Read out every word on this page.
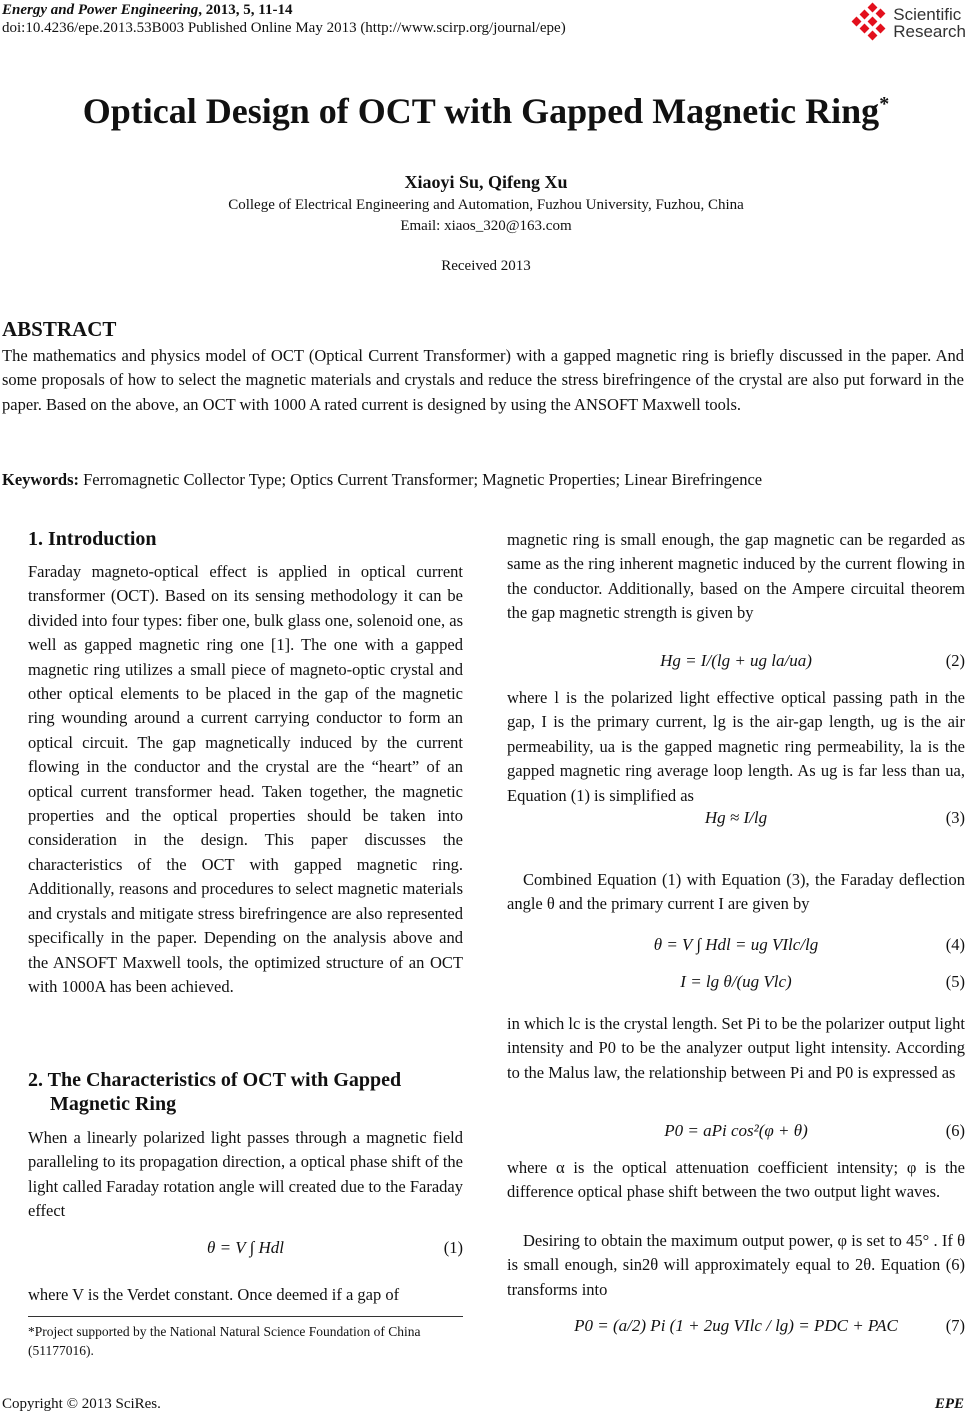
Energy and Power Engineering, 2013, 5, 11-14
doi:10.4236/epe.2013.53B003 Published Online May 2013 (http://www.scirp.org/journal/epe)
Scientific
Research
Optical Design of OCT with Gapped Magnetic Ring*
Xiaoyi Su, Qifeng Xu
College of Electrical Engineering and Automation, Fuzhou University, Fuzhou, China
Email: xiaos_320@163.com
Received 2013
ABSTRACT
The mathematics and physics model of OCT (Optical Current Transformer) with a gapped magnetic ring is briefly discussed in the paper. And some proposals of how to select the magnetic materials and crystals and reduce the stress birefringence of the crystal are also put forward in the paper. Based on the above, an OCT with 1000 A rated current is designed by using the ANSOFT Maxwell tools.
Keywords: Ferromagnetic Collector Type; Optics Current Transformer; Magnetic Properties; Linear Birefringence
1. Introduction
Faraday magneto-optical effect is applied in optical current transformer (OCT). Based on its sensing methodology it can be divided into four types: fiber one, bulk glass one, solenoid one, as well as gapped magnetic ring one [1]. The one with a gapped magnetic ring utilizes a small piece of magneto-optic crystal and other optical elements to be placed in the gap of the magnetic ring wounding around a current carrying conductor to form an optical circuit. The gap magnetically induced by the current flowing in the conductor and the crystal are the “heart” of an optical current transformer head. Taken together, the magnetic properties and the optical properties should be taken into consideration in the design. This paper discusses the characteristics of the OCT with gapped magnetic ring. Additionally, reasons and procedures to select magnetic materials and crystals and mitigate stress birefringence are also represented specifically in the paper. Depending on the analysis above and the ANSOFT Maxwell tools, the optimized structure of an OCT with 1000A has been achieved.
2. The Characteristics of OCT with Gapped Magnetic Ring
When a linearly polarized light passes through a magnetic field paralleling to its propagation direction, a optical phase shift of the light called Faraday rotation angle will created due to the Faraday effect
θ = V ∫ Hdl	(1)
where V is the Verdet constant. Once deemed if a gap of
*Project supported by the National Natural Science Foundation of China (51177016).
magnetic ring is small enough, the gap magnetic can be regarded as same as the ring inherent magnetic induced by the current flowing in the conductor. Additionally, based on the Ampere circuital theorem the gap magnetic strength is given by
Hg = I/(lg + ug la/ua)	(2)
where l is the polarized light effective optical passing path in the gap, I is the primary current, lg is the air-gap length, ug is the air permeability, ua is the gapped magnetic ring permeability, la is the gapped magnetic ring average loop length. As ug is far less than ua, Equation (1) is simplified as
Hg ≈ I/lg	(3)
Combined Equation (1) with Equation (3), the Faraday deflection angle θ and the primary current I are given by
θ = V ∫ Hdl = ug VIlc/lg	(4)
I = lg θ/(ug Vlc)	(5)
in which lc is the crystal length. Set Pi to be the polarizer output light intensity and P0 to be the analyzer output light intensity. According to the Malus law, the relationship between Pi and P0 is expressed as
P0 = aPi cos²(φ + θ)	(6)
where α is the optical attenuation coefficient intensity; φ is the difference optical phase shift between the two output light waves.
Desiring to obtain the maximum output power, φ is set to 45° . If θ is small enough, sin2θ will approximately equal to 2θ. Equation (6) transforms into
P0 = (a/2) Pi (1 + 2ug VIlc / lg) = PDC + PAC	(7)
Copyright © 2013 SciRes.	EPE
